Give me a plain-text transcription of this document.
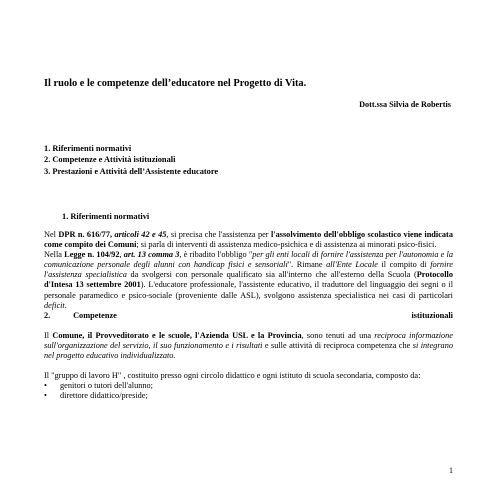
Il ruolo e le competenze dell’educatore nel Progetto di Vita.
Dott.ssa Silvia de Robertis
1. Riferimenti normativi
2. Competenze e Attività istituzionali
3. Prestazioni e Attività dell’Assistente educatore
1. Riferimenti normativi

Nel DPR n. 616/77, articoli 42 e 45, si precisa che l'assistenza per l'assolvimento dell'obbligo scolastico viene indicata come compito dei Comuni; si parla di interventi di assistenza medico-psichica e di assistenza ai minorati psico-fisici.

Nella Legge n. 104/92, art. 13 comma 3, è ribadito l'obbligo "per gli enti locali di fornire l'assistenza per l'autonomia e la comunicazione personale degli alunni con handicap fisici e sensoriali". Rimane all'Ente Locale il compito di fornire l'assistenza specialistica da svolgersi con personale qualificato sia all'interno che all'esterno della Scuola (Protocollo d'Intesa 13 settembre 2001). L'educatore professionale, l'assistente educativo, il traduttore del linguaggio dei segni o il personale paramedico e psico-sociale (proveniente dalle ASL), svolgono assistenza specialistica nei casi di particolari deficit.

2.	Competenze	istituzionali

Il Comune, il Provveditorato e le scuole, l'Azienda USL e la Provincia, sono tenuti ad una reciproca informazione sull'organizzazione del servizio, il suo funzionamento e i risultati e sulle attività di reciproca competenza che si integrano nel progetto educativo individualizzato.

Il "gruppo di lavoro H" , costituito presso ogni circolo didattico e ogni istituto di scuola secondaria, composto da:

•	genitori o tutori dell'alunno;
•	direttore didattico/preside;
1
